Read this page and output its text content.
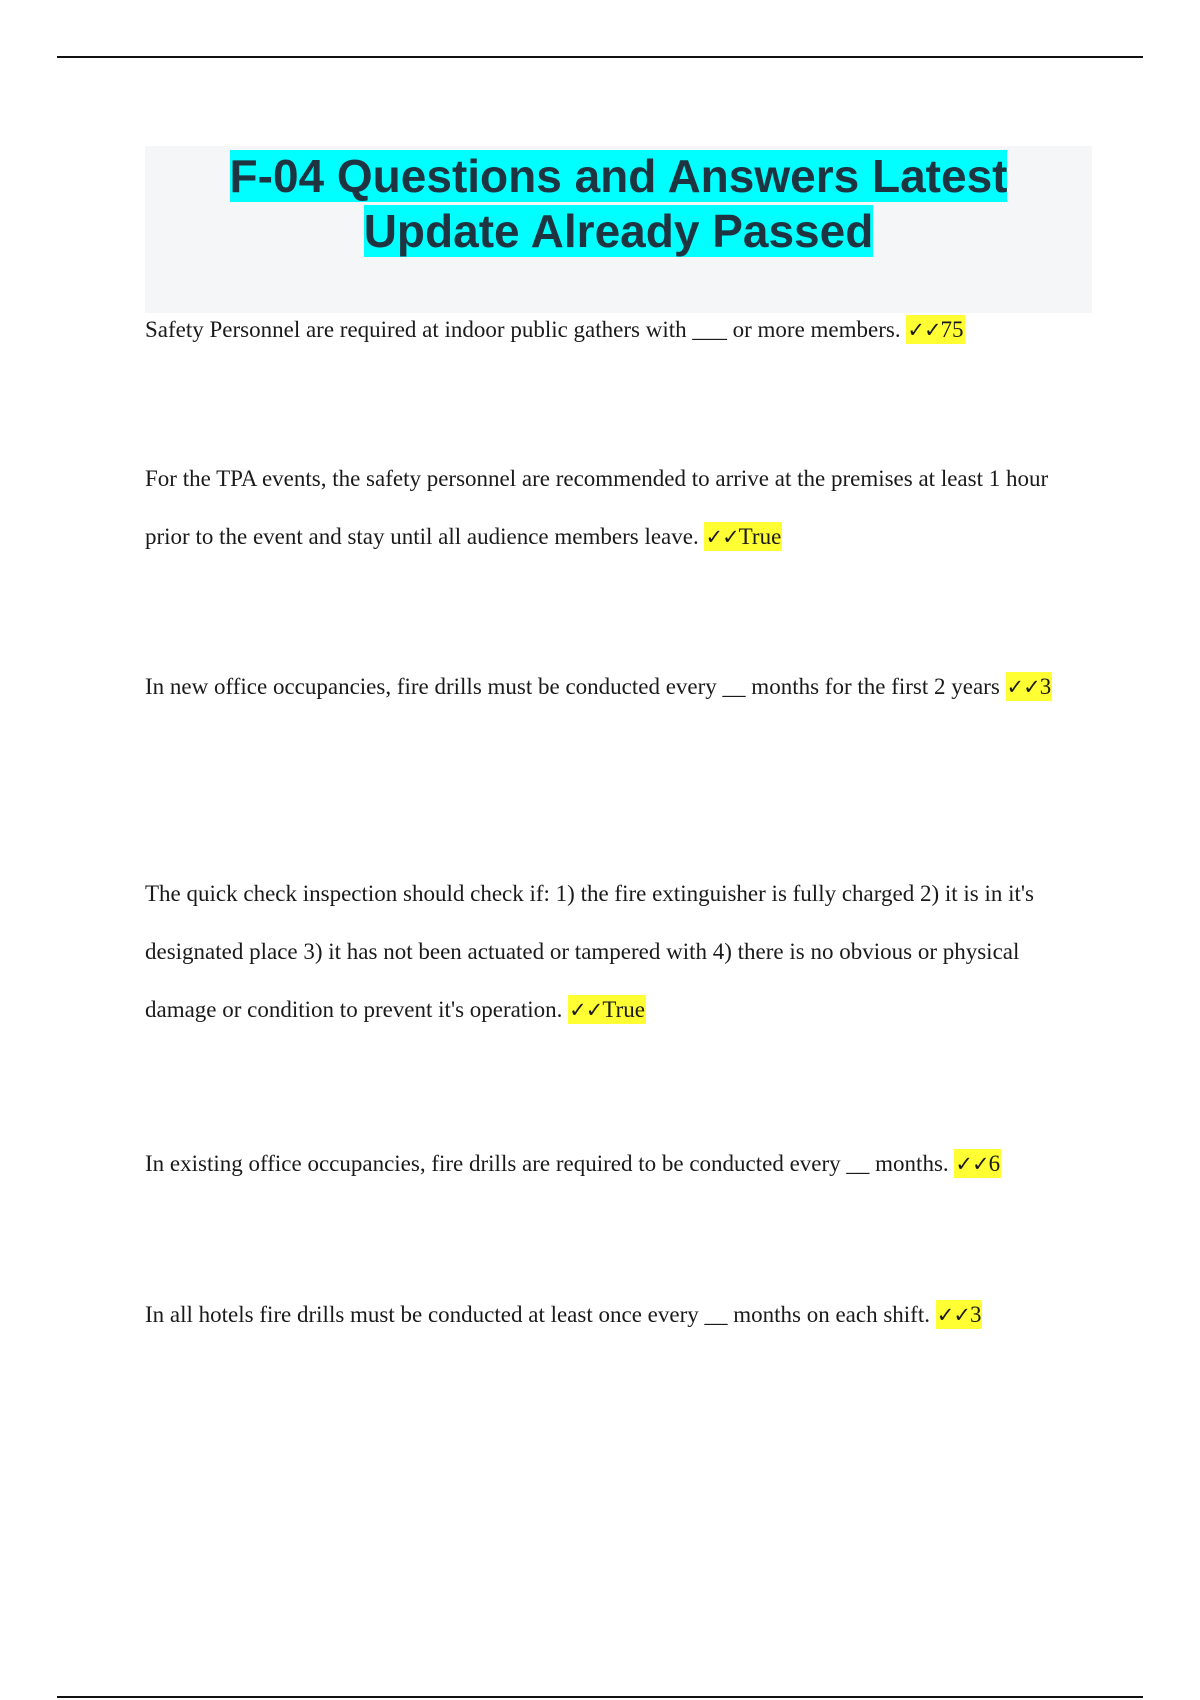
F-04 Questions and Answers Latest
Update Already Passed

Safety Personnel are required at indoor public gathers with ___ or more members. ✓✓75

For the TPA events, the safety personnel are recommended to arrive at the premises at least 1 hour prior to the event and stay until all audience members leave. ✓✓True

In new office occupancies, fire drills must be conducted every __ months for the first 2 years ✓✓3

The quick check inspection should check if: 1) the fire extinguisher is fully charged 2) it is in it's designated place 3) it has not been actuated or tampered with 4) there is no obvious or physical damage or condition to prevent it's operation. ✓✓True

In existing office occupancies, fire drills are required to be conducted every __ months. ✓✓6

In all hotels fire drills must be conducted at least once every __ months on each shift. ✓✓3
